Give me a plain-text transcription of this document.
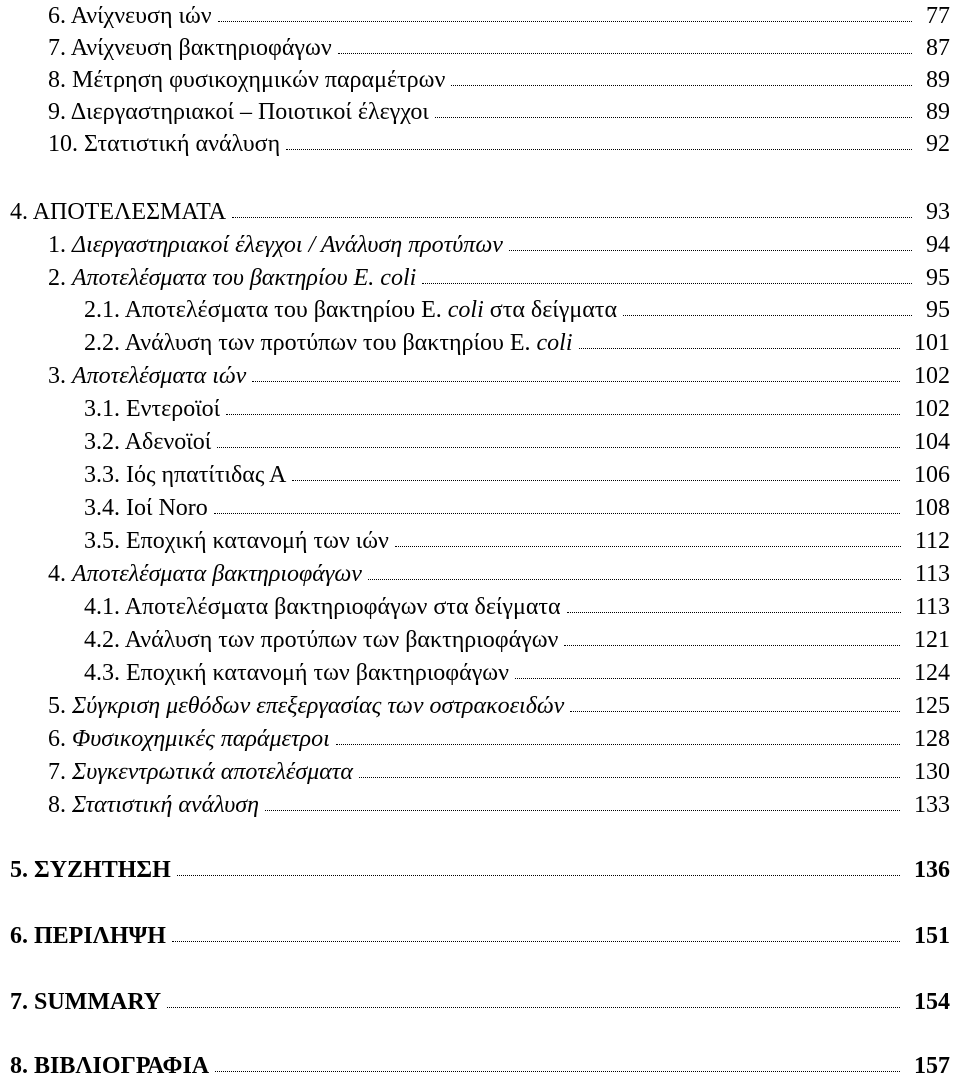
6. Ανίχνευση ιών	77
7. Ανίχνευση βακτηριοφάγων	87
8. Μέτρηση φυσικοχημικών παραμέτρων	89
9. Διεργαστηριακοί – Ποιοτικοί έλεγχοι	89
10. Στατιστική ανάλυση	92
4. ΑΠΟΤΕΛΕΣΜΑΤΑ	93
1. Διεργαστηριακοί έλεγχοι / Ανάλυση προτύπων	94
2. Αποτελέσματα του βακτηρίου E. coli	95
2.1. Αποτελέσματα του βακτηρίου E. coli στα δείγματα	95
2.2. Ανάλυση των προτύπων του βακτηρίου E. coli	101
3. Αποτελέσματα ιών	102
3.1. Εντεροϊοί	102
3.2. Αδενοϊοί	104
3.3. Ιός ηπατίτιδας Α	106
3.4. Ιοί Noro	108
3.5. Εποχική κατανομή των ιών	112
4. Αποτελέσματα βακτηριοφάγων	113
4.1. Αποτελέσματα βακτηριοφάγων στα δείγματα	113
4.2. Ανάλυση των προτύπων των βακτηριοφάγων	121
4.3. Εποχική κατανομή των βακτηριοφάγων	124
5. Σύγκριση μεθόδων επεξεργασίας των οστρακοειδών	125
6. Φυσικοχημικές παράμετροι	128
7. Συγκεντρωτικά αποτελέσματα	130
8. Στατιστική ανάλυση	133
5. ΣΥΖΗΤΗΣΗ	136
6. ΠΕΡΙΛΗΨΗ	151
7. SUMMARY	154
8. ΒΙΒΛΙΟΓΡΑΦΙΑ	157
